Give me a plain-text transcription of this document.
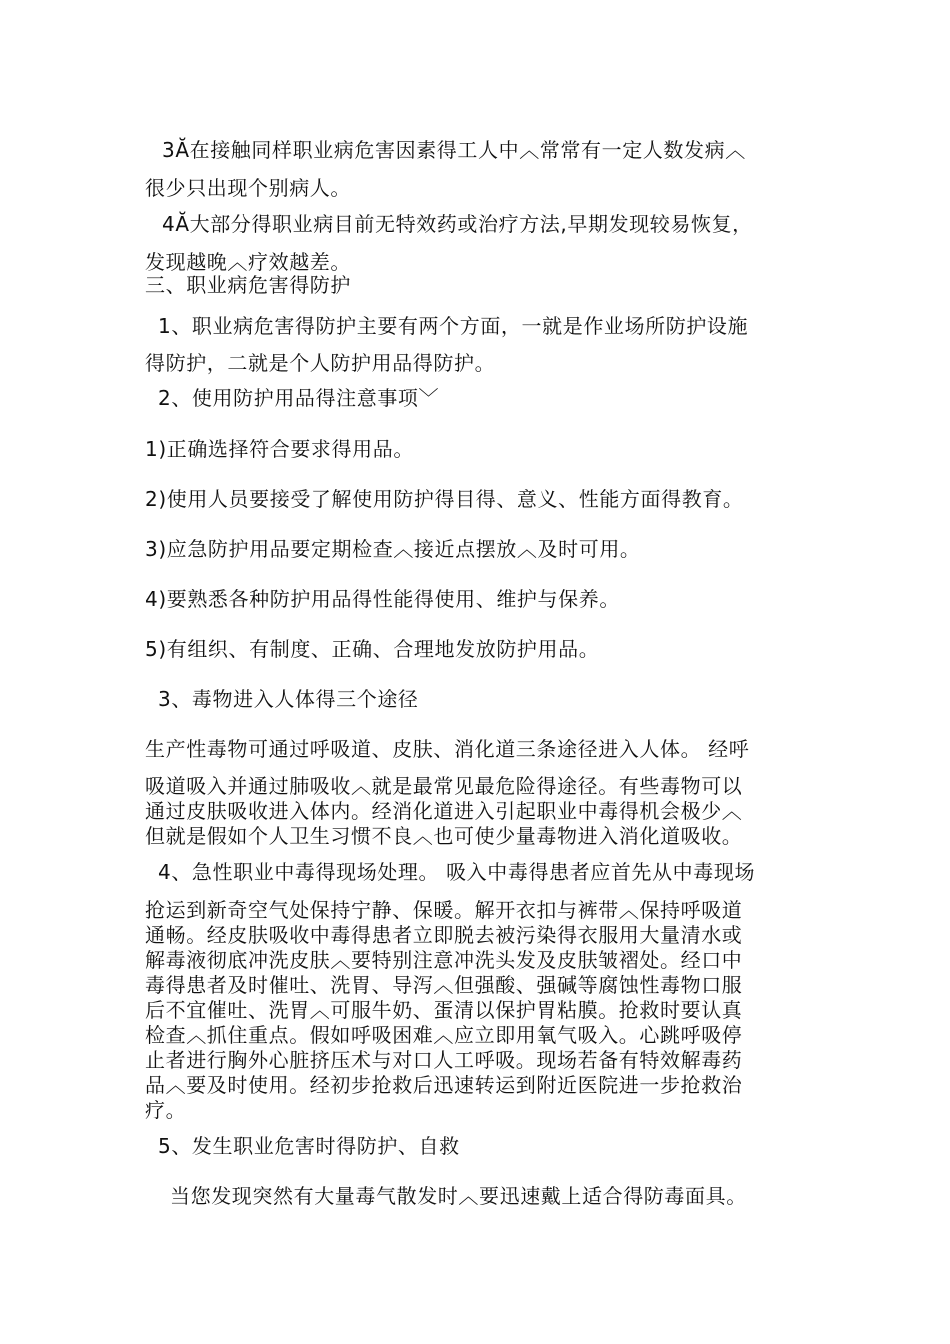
3Ă在接触同样职业病危害因素得工人中︿常常有一定人数发病︿
很少只出现个别病人。
4Ă大部分得职业病目前无特效药或治疗方法,早期发现较易恢复，
发现越晚︿疗效越差。
三、职业病危害得防护
1、职业病危害得防护主要有两个方面，一就是作业场所防护设施
得防护，二就是个人防护用品得防护。
2、使用防护用品得注意事项﹀
1)正确选择符合要求得用品。
2)使用人员要接受了解使用防护得目得、意义、性能方面得教育。
3)应急防护用品要定期检查︿接近点摆放︿及时可用。
4)要熟悉各种防护用品得性能得使用、维护与保养。
5)有组织、有制度、正确、合理地发放防护用品。
3、毒物进入人体得三个途径
生产性毒物可通过呼吸道、皮肤、消化道三条途径进入人体。 经呼
吸道吸入并通过肺吸收︿就是最常见最危险得途径。有些毒物可以
通过皮肤吸收进入体内。经消化道进入引起职业中毒得机会极少︿
但就是假如个人卫生习惯不良︿也可使少量毒物进入消化道吸收。
4、急性职业中毒得现场处理。 吸入中毒得患者应首先从中毒现场
抢运到新奇空气处保持宁静、保暖。解开衣扣与裤带︿保持呼吸道
通畅。经皮肤吸收中毒得患者立即脱去被污染得衣服用大量清水或
解毒液彻底冲洗皮肤︿要特别注意冲洗头发及皮肤皱褶处。经口中
毒得患者及时催吐、洗胃、导泻︿但强酸、强碱等腐蚀性毒物口服
后不宜催吐、洗胃︿可服牛奶、蛋清以保护胃粘膜。抢救时要认真
检查︿抓住重点。假如呼吸困难︿应立即用氧气吸入。心跳呼吸停
止者进行胸外心脏挤压术与对口人工呼吸。现场若备有特效解毒药
品︿要及时使用。经初步抢救后迅速转运到附近医院进一步抢救治
疗。
5、发生职业危害时得防护、自救
当您发现突然有大量毒气散发时︿要迅速戴上适合得防毒面具。
